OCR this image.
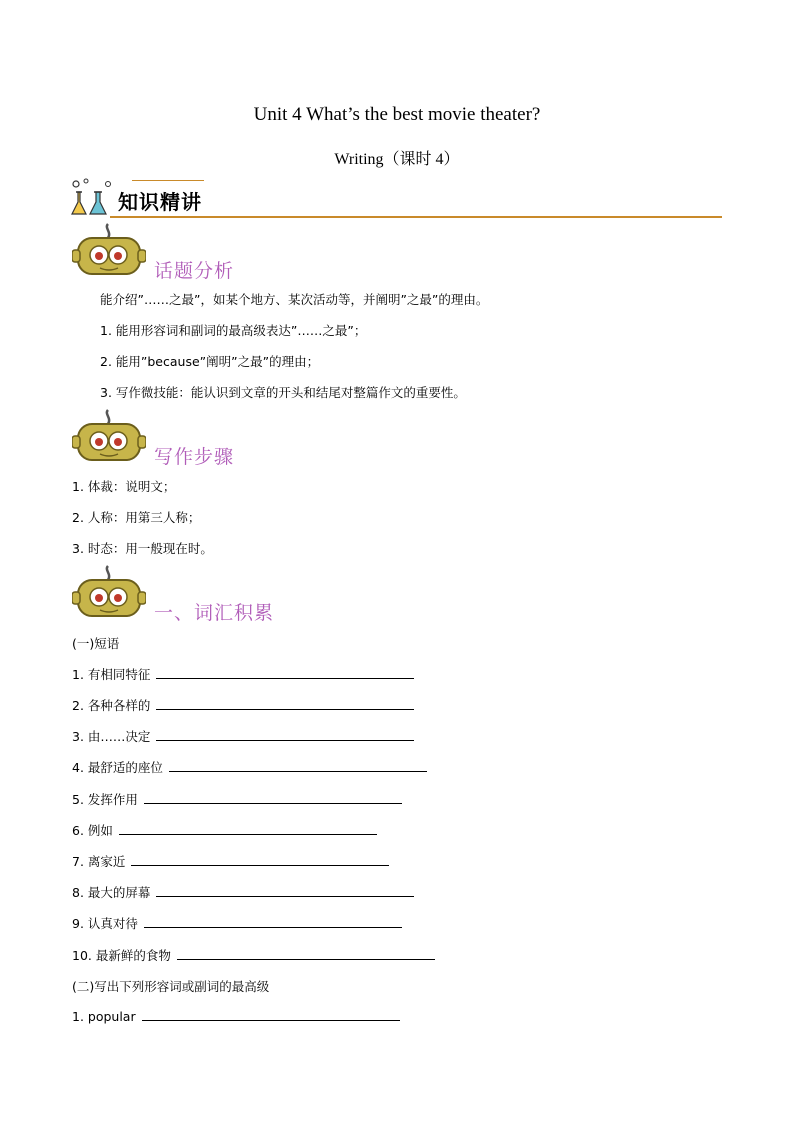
Unit 4 What’s the best movie theater?
Writing（课时 4）
知识精讲
话题分析
能介绍”……之最”，如某个地方、某次活动等，并阐明”之最”的理由。
1. 能用形容词和副词的最高级表达”……之最”；
2. 能用”because”阐明”之最”的理由；
3. 写作微技能：能认识到文章的开头和结尾对整篇作文的重要性。
写作步骤
1. 体裁：说明文；
2. 人称：用第三人称；
3. 时态：用一般现在时。
一、词汇积累
(一)短语
1. 有相同特征
2. 各种各样的
3. 由……决定
4. 最舒适的座位
5. 发挥作用
6. 例如
7. 离家近
8. 最大的屏幕
9. 认真对待
10. 最新鲜的食物
(二)写出下列形容词或副词的最高级
1. popular
